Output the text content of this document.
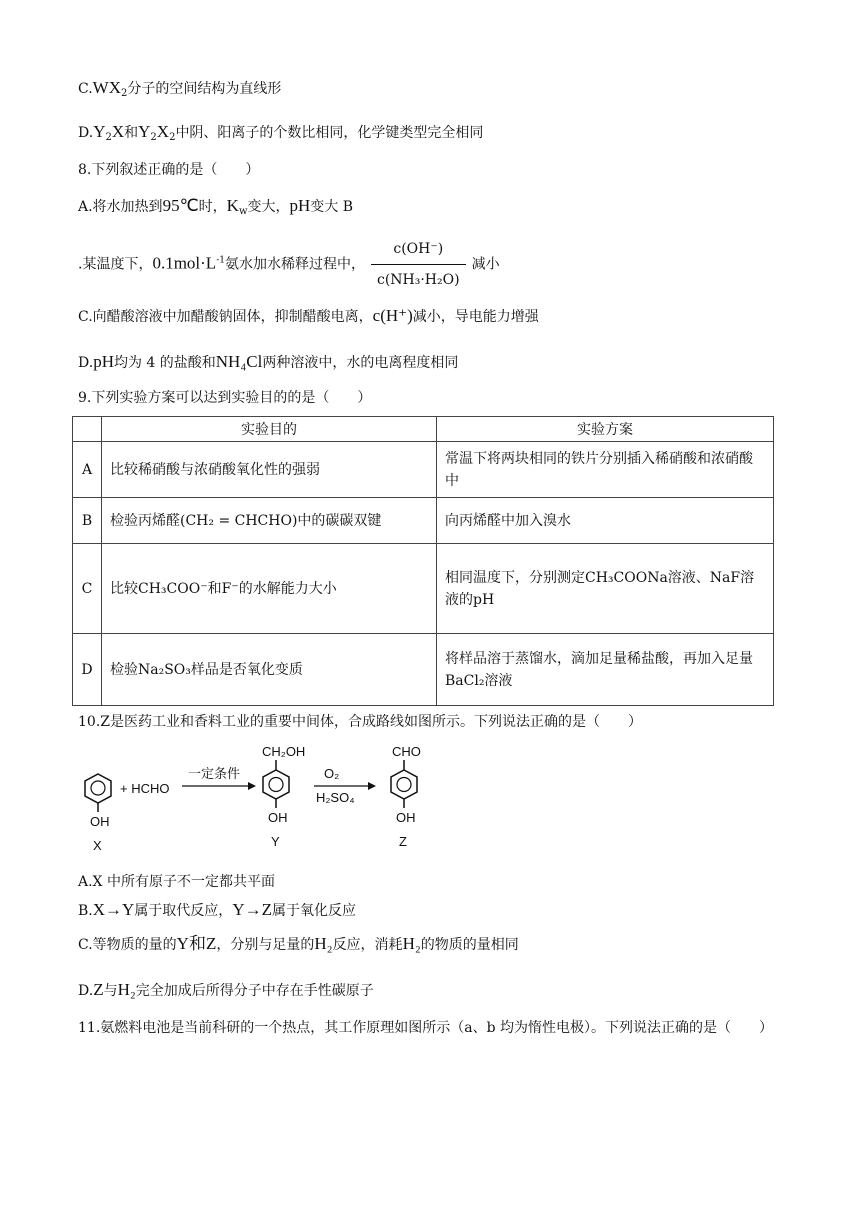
$C.WX_2$分子的空间结构为直线形
$D.Y_2X$和$Y_2X_2$中阴、阳离子的个数比相同，化学键类型完全相同
8.下列叙述正确的是（　　）
A.将水加热到95℃时，$K_w$变大，pH变大 B
.某温度下，$0.1mol\cdot L^{-1}$氨水加水稀释过程中， $\frac{c(OH^-)}{\text{c(NH₃·H₂O)}}$ 减小
C.向醋酸溶液中加醋酸钠固体，抑制醋酸电离，c(H⁺)减小，导电能力增强
D.pH均为 4 的盐酸和NH₄Cl两种溶液中，水的电离程度相同
9.下列实验方案可以达到实验目的的是（　　）
	实验目的	实验方案
A	比较稀硝酸与浓硝酸氧化性的强弱	常温下将两块相同的铁片分别插入稀硝酸和浓硝酸中
B	检验丙烯醛(CH₂ = CHCHO)中的碳碳双键	向丙烯醛中加入溴水
C	比较CH₃COO⁻和F⁻的水解能力大小	相同温度下，分别测定CH₃COONa溶液、NaF溶液的pH
D	检验Na₂SO₃样品是否氧化变质	将样品溶于蒸馏水，滴加足量稀盐酸，再加入足量BaCl₂溶液
10.Z是医药工业和香料工业的重要中间体，合成路线如图所示。下列说法正确的是（　　）
OH
X
+ HCHO
一定条件
CH₂OH
OH
Y
O₂
H₂SO₄
CHO
OH
Z
A.X 中所有原子不一定都共平面
B.X→Y属于取代反应，Y→Z属于氧化反应
C.等物质的量的Y和Z，分别与足量的H₂反应，消耗H₂的物质的量相同
D.Z与H₂完全加成后所得分子中存在手性碳原子
11.氨燃料电池是当前科研的一个热点，其工作原理如图所示（a、b 均为惰性电极）。下列说法正确的是（　　）
